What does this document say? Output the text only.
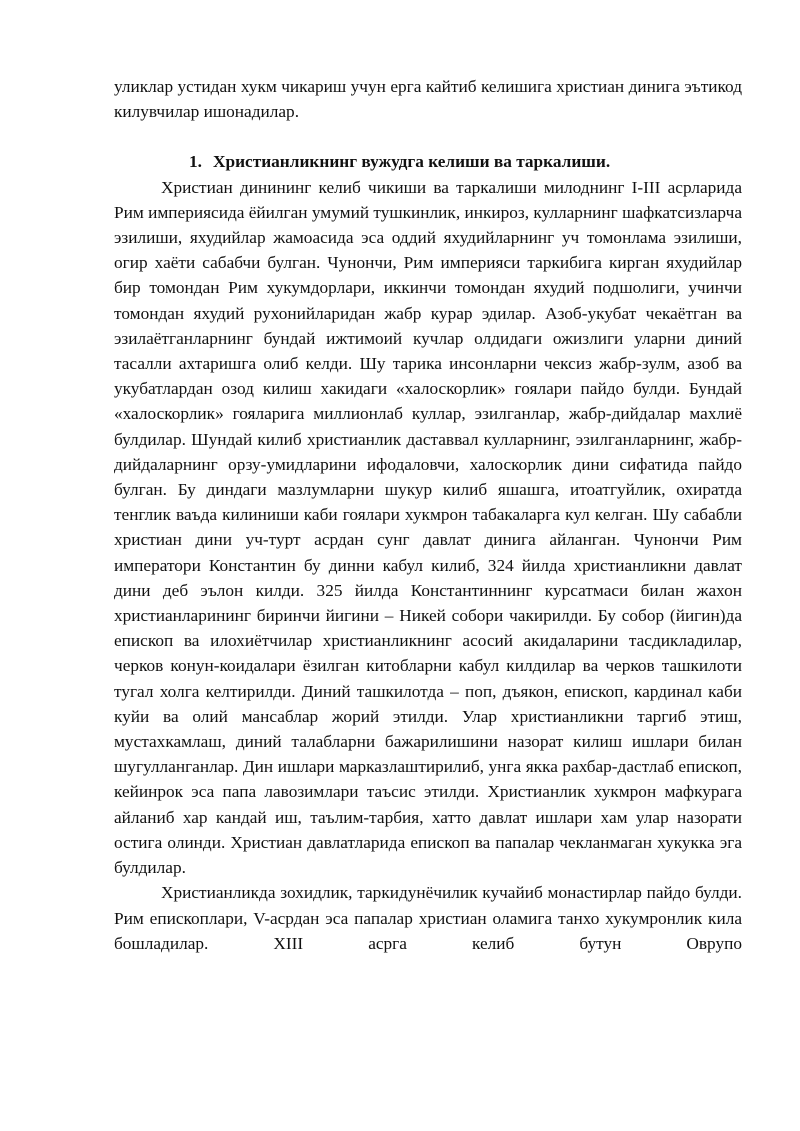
уликлар устидан хукм чикариш учун ерга кайтиб келишига христиан динига эътикод килувчилар ишонадилар.

1. Христианликнинг вужудга келиши ва таркалиши.

Христиан динининг келиб чикиши ва таркалиши милоднинг I-III асрларида Рим империясида ёйилган умумий тушкинлик, инкироз, кулларнинг шафкатсизларча эзилиши, яхудийлар жамоасида эса оддий яхудийларнинг уч томонлама эзилиши, огир хаёти сабабчи булган. Чунончи, Рим империяси таркибига кирган яхудийлар бир томондан Рим хукумдорлари, иккинчи томондан яхудий подшолиги, учинчи томондан яхудий рухонийларидан жабр курар эдилар. Азоб-укубат чекаётган ва эзилаётганларнинг бундай ижтимоий кучлар олдидаги ожизлиги уларни диний тасалли ахтаришга олиб келди. Шу тарика инсонларни чексиз жабр-зулм, азоб ва укубатлардан озод килиш хакидаги «халоскорлик» гоялари пайдо булди. Бундай «халоскорлик» гояларига миллионлаб куллар, эзилганлар, жабр-дийдалар махлиё булдилар. Шундай килиб христианлик даставвал кулларнинг, эзилганларнинг, жабр-дийдаларнинг орзу-умидларини ифодаловчи, халоскорлик дини сифатида пайдо булган. Бу диндаги мазлумларни шукур килиб яшашга, итоатгуйлик, охиратда тенглик ваъда килиниши каби гоялари хукмрон табакаларга кул келган. Шу сабабли христиан дини уч-турт асрдан сунг давлат динига айланган. Чунончи Рим императори Константин бу динни кабул килиб, 324 йилда христианликни давлат дини деб эълон килди. 325 йилда Константиннинг курсатмаси билан жахон христианларининг биринчи йигини – Никей собори чакирилди. Бу собор (йигин)да епископ ва илохиётчилар христианликнинг асосий акидаларини тасдикладилар, черков конун-коидалари ёзилган китобларни кабул килдилар ва черков ташкилоти тугал холга келтирилди. Диний ташкилотда – поп, дъякон, епископ, кардинал каби куйи ва олий мансаблар жорий этилди. Улар христианликни таргиб этиш, мустахкамлаш, диний талабларни бажарилишини назорат килиш ишлари билан шугулланганлар. Дин ишлари марказлаштирилиб, унга якка рахбар-дастлаб епископ, кейинрок эса папа лавозимлари таъсис этилди. Христианлик хукмрон мафкурага айланиб хар кандай иш, таълим-тарбия, хатто давлат ишлари хам улар назорати остига олинди. Христиан давлатларида епископ ва папалар чекланмаган хукукка эга булдилар.

Христианликда зохидлик, таркидунёчилик кучайиб монастирлар пайдо булди. Рим епископлари, V-асрдан эса папалар христиан оламига танхо хукумронлик кила бошладилар. XIII асрга келиб бутун Оврупо
